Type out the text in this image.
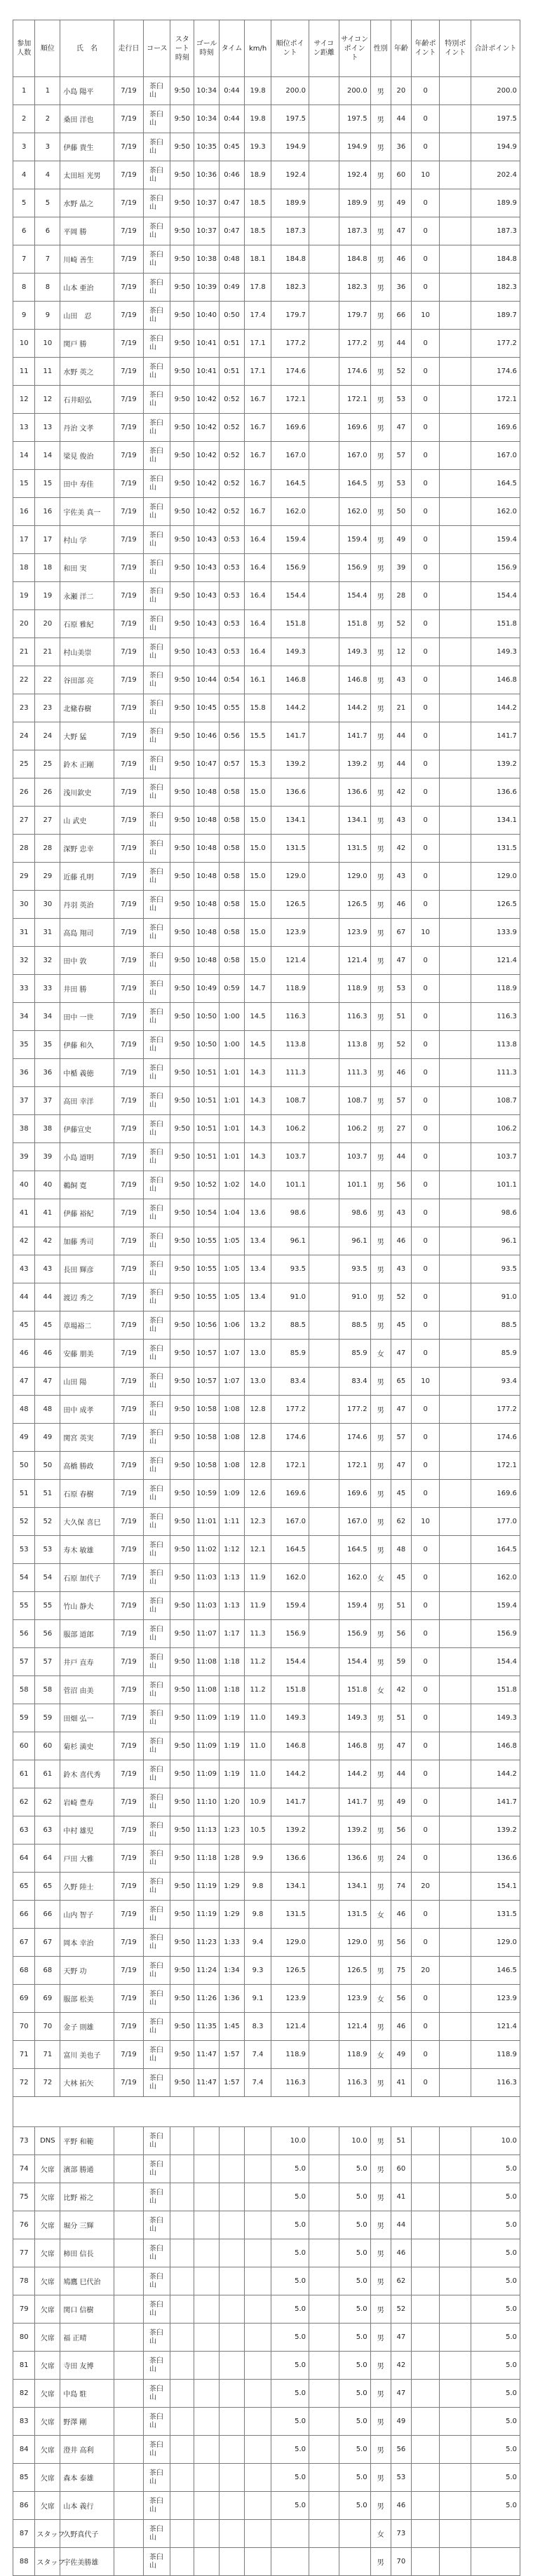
参加人数	順位	氏　名	走行日	コース	スタート時刻	ゴール時刻	タイム	km/h	順位ポイント	サイコン距離	サイコンポイント	性別	年齢	年齢ポイント	特別ポイント	合計ポイント
1	1	小島 陽平	7/19	茶臼山	9:50	10:34	0:44	19.8	200.0		200.0	男	20	0		200.0
2	2	桑田 洋也	7/19	茶臼山	9:50	10:34	0:44	19.8	197.5		197.5	男	44	0		197.5
3	3	伊藤 貴生	7/19	茶臼山	9:50	10:35	0:45	19.3	194.9		194.9	男	36	0		194.9
4	4	太田垣 光男	7/19	茶臼山	9:50	10:36	0:46	18.9	192.4		192.4	男	60	10		202.4
5	5	水野 晶之	7/19	茶臼山	9:50	10:37	0:47	18.5	189.9		189.9	男	49	0		189.9
6	6	平岡 勝	7/19	茶臼山	9:50	10:37	0:47	18.5	187.3		187.3	男	47	0		187.3
7	7	川崎 善生	7/19	茶臼山	9:50	10:38	0:48	18.1	184.8		184.8	男	46	0		184.8
8	8	山本 亜治	7/19	茶臼山	9:50	10:39	0:49	17.8	182.3		182.3	男	36	0		182.3
9	9	山田　忍	7/19	茶臼山	9:50	10:40	0:50	17.4	179.7		179.7	男	66	10		189.7
10	10	関戸 勝	7/19	茶臼山	9:50	10:41	0:51	17.1	177.2		177.2	男	44	0		177.2
11	11	水野 英之	7/19	茶臼山	9:50	10:41	0:51	17.1	174.6		174.6	男	52	0		174.6
12	12	石井昭弘	7/19	茶臼山	9:50	10:42	0:52	16.7	172.1		172.1	男	53	0		172.1
13	13	丹治 文孝	7/19	茶臼山	9:50	10:42	0:52	16.7	169.6		169.6	男	47	0		169.6
14	14	梁見 俊治	7/19	茶臼山	9:50	10:42	0:52	16.7	167.0		167.0	男	57	0		167.0
15	15	田中 寿佳	7/19	茶臼山	9:50	10:42	0:52	16.7	164.5		164.5	男	53	0		164.5
16	16	宇佐美 真一	7/19	茶臼山	9:50	10:42	0:52	16.7	162.0		162.0	男	50	0		162.0
17	17	村山 学	7/19	茶臼山	9:50	10:43	0:53	16.4	159.4		159.4	男	49	0		159.4
18	18	和田 実	7/19	茶臼山	9:50	10:43	0:53	16.4	156.9		156.9	男	39	0		156.9
19	19	永瀬 洋二	7/19	茶臼山	9:50	10:43	0:53	16.4	154.4		154.4	男	28	0		154.4
20	20	石原 雅紀	7/19	茶臼山	9:50	10:43	0:53	16.4	151.8		151.8	男	52	0		151.8
21	21	村山美崇	7/19	茶臼山	9:50	10:43	0:53	16.4	149.3		149.3	男	12	0		149.3
22	22	谷田部 亮	7/19	茶臼山	9:50	10:44	0:54	16.1	146.8		146.8	男	43	0		146.8
23	23	北絛春樹	7/19	茶臼山	9:50	10:45	0:55	15.8	144.2		144.2	男	21	0		144.2
24	24	大野 猛	7/19	茶臼山	9:50	10:46	0:56	15.5	141.7		141.7	男	44	0		141.7
25	25	鈴木 正剛	7/19	茶臼山	9:50	10:47	0:57	15.3	139.2		139.2	男	44	0		139.2
26	26	浅川欽史	7/19	茶臼山	9:50	10:48	0:58	15.0	136.6		136.6	男	42	0		136.6
27	27	山 武史	7/19	茶臼山	9:50	10:48	0:58	15.0	134.1		134.1	男	43	0		134.1
28	28	深野 忠幸	7/19	茶臼山	9:50	10:48	0:58	15.0	131.5		131.5	男	42	0		131.5
29	29	近藤 孔明	7/19	茶臼山	9:50	10:48	0:58	15.0	129.0		129.0	男	43	0		129.0
30	30	丹羽 英治	7/19	茶臼山	9:50	10:48	0:58	15.0	126.5		126.5	男	46	0		126.5
31	31	高島 翔司	7/19	茶臼山	9:50	10:48	0:58	15.0	123.9		123.9	男	67	10		133.9
32	32	田中 敦	7/19	茶臼山	9:50	10:48	0:58	15.0	121.4		121.4	男	47	0		121.4
33	33	井田 勝	7/19	茶臼山	9:50	10:49	0:59	14.7	118.9		118.9	男	53	0		118.9
34	34	田中 一世	7/19	茶臼山	9:50	10:50	1:00	14.5	116.3		116.3	男	51	0		116.3
35	35	伊藤 和久	7/19	茶臼山	9:50	10:50	1:00	14.5	113.8		113.8	男	52	0		113.8
36	36	中楯 義徳	7/19	茶臼山	9:50	10:51	1:01	14.3	111.3		111.3	男	46	0		111.3
37	37	高田 幸洋	7/19	茶臼山	9:50	10:51	1:01	14.3	108.7		108.7	男	57	0		108.7
38	38	伊藤宣史	7/19	茶臼山	9:50	10:51	1:01	14.3	106.2		106.2	男	27	0		106.2
39	39	小島 道明	7/19	茶臼山	9:50	10:51	1:01	14.3	103.7		103.7	男	44	0		103.7
40	40	鵜飼 寛	7/19	茶臼山	9:50	10:52	1:02	14.0	101.1		101.1	男	56	0		101.1
41	41	伊藤 裕紀	7/19	茶臼山	9:50	10:54	1:04	13.6	98.6		98.6	男	43	0		98.6
42	42	加藤 秀司	7/19	茶臼山	9:50	10:55	1:05	13.4	96.1		96.1	男	46	0		96.1
43	43	長田 輝彦	7/19	茶臼山	9:50	10:55	1:05	13.4	93.5		93.5	男	43	0		93.5
44	44	渡辺 秀之	7/19	茶臼山	9:50	10:55	1:05	13.4	91.0		91.0	男	52	0		91.0
45	45	草場裕二	7/19	茶臼山	9:50	10:56	1:06	13.2	88.5		88.5	男	45	0		88.5
46	46	安藤 朋美	7/19	茶臼山	9:50	10:57	1:07	13.0	85.9		85.9	女	47	0		85.9
47	47	山田 陽	7/19	茶臼山	9:50	10:57	1:07	13.0	83.4		83.4	男	65	10		93.4
48	48	田中 成孝	7/19	茶臼山	9:50	10:58	1:08	12.8	177.2		177.2	男	47	0		177.2
49	49	関宮 英実	7/19	茶臼山	9:50	10:58	1:08	12.8	174.6		174.6	男	57	0		174.6
50	50	高橋 勝政	7/19	茶臼山	9:50	10:58	1:08	12.8	172.1		172.1	男	47	0		172.1
51	51	石原 春樹	7/19	茶臼山	9:50	10:59	1:09	12.6	169.6		169.6	男	45	0		169.6
52	52	大久保 喜巳	7/19	茶臼山	9:50	11:01	1:11	12.3	167.0		167.0	男	62	10		177.0
53	53	寿木 敏雄	7/19	茶臼山	9:50	11:02	1:12	12.1	164.5		164.5	男	48	0		164.5
54	54	石原 加代子	7/19	茶臼山	9:50	11:03	1:13	11.9	162.0		162.0	女	45	0		162.0
55	55	竹山 静夫	7/19	茶臼山	9:50	11:03	1:13	11.9	159.4		159.4	男	51	0		159.4
56	56	服部 道郎	7/19	茶臼山	9:50	11:07	1:17	11.3	156.9		156.9	男	56	0		156.9
57	57	井戸 直寿	7/19	茶臼山	9:50	11:08	1:18	11.2	154.4		154.4	男	59	0		154.4
58	58	菅沼 由美	7/19	茶臼山	9:50	11:08	1:18	11.2	151.8		151.8	女	42	0		151.8
59	59	田畑 弘一	7/19	茶臼山	9:50	11:09	1:19	11.0	149.3		149.3	男	51	0		149.3
60	60	菊杉 満史	7/19	茶臼山	9:50	11:09	1:19	11.0	146.8		146.8	男	47	0		146.8
61	61	鈴木 喜代秀	7/19	茶臼山	9:50	11:09	1:19	11.0	144.2		144.2	男	44	0		144.2
62	62	岩崎 豊寿	7/19	茶臼山	9:50	11:10	1:20	10.9	141.7		141.7	男	49	0		141.7
63	63	中村 雄児	7/19	茶臼山	9:50	11:13	1:23	10.5	139.2		139.2	男	56	0		139.2
64	64	戸田 大雅	7/19	茶臼山	9:50	11:18	1:28	9.9	136.6		136.6	男	24	0		136.6
65	65	久野 陸士	7/19	茶臼山	9:50	11:19	1:29	9.8	134.1		134.1	男	74	20		154.1
66	66	山内 智子	7/19	茶臼山	9:50	11:19	1:29	9.8	131.5		131.5	女	46	0		131.5
67	67	岡本 幸治	7/19	茶臼山	9:50	11:23	1:33	9.4	129.0		129.0	男	56	0		129.0
68	68	天野 功	7/19	茶臼山	9:50	11:24	1:34	9.3	126.5		126.5	男	75	20		146.5
69	69	服部 松美	7/19	茶臼山	9:50	11:26	1:36	9.1	123.9		123.9	女	56	0		123.9
70	70	金子 則雄	7/19	茶臼山	9:50	11:35	1:45	8.3	121.4		121.4	男	46	0		121.4
71	71	富川 美也子	7/19	茶臼山	9:50	11:47	1:57	7.4	118.9		118.9	女	49	0		118.9
72	72	大林 拓矢	7/19	茶臼山	9:50	11:47	1:57	7.4	116.3		116.3	男	41	0		116.3

73	DNS	平野 和範		茶臼山					10.0		10.0	男	51			10.0
74	欠席	濱部 勝通		茶臼山					5.0		5.0	男	60			5.0
75	欠席	比野 裕之		茶臼山					5.0		5.0	男	41			5.0
76	欠席	堀分 三輝		茶臼山					5.0		5.0	男	44			5.0
77	欠席	柿田 信長		茶臼山					5.0		5.0	男	46			5.0
78	欠席	鳩鷹 巳代治		茶臼山					5.0		5.0	男	62			5.0
79	欠席	関口 信樹		茶臼山					5.0		5.0	男	52			5.0
80	欠席	福 正晴		茶臼山					5.0		5.0	男	47			5.0
81	欠席	寺田 友博		茶臼山					5.0		5.0	男	42			5.0
82	欠席	中島 駐		茶臼山					5.0		5.0	男	47			5.0
83	欠席	野澤 剛		茶臼山					5.0		5.0	男	49			5.0
84	欠席	澄井 高利		茶臼山					5.0		5.0	男	56			5.0
85	欠席	森本 泰雄		茶臼山					5.0		5.0	男	53			5.0
86	欠席	山本 義行		茶臼山					5.0		5.0	男	46			5.0
87	スタッフ	久野真代子		茶臼山								女	73			
88	スタッフ	宇佐美勝雄		茶臼山								男	70			
